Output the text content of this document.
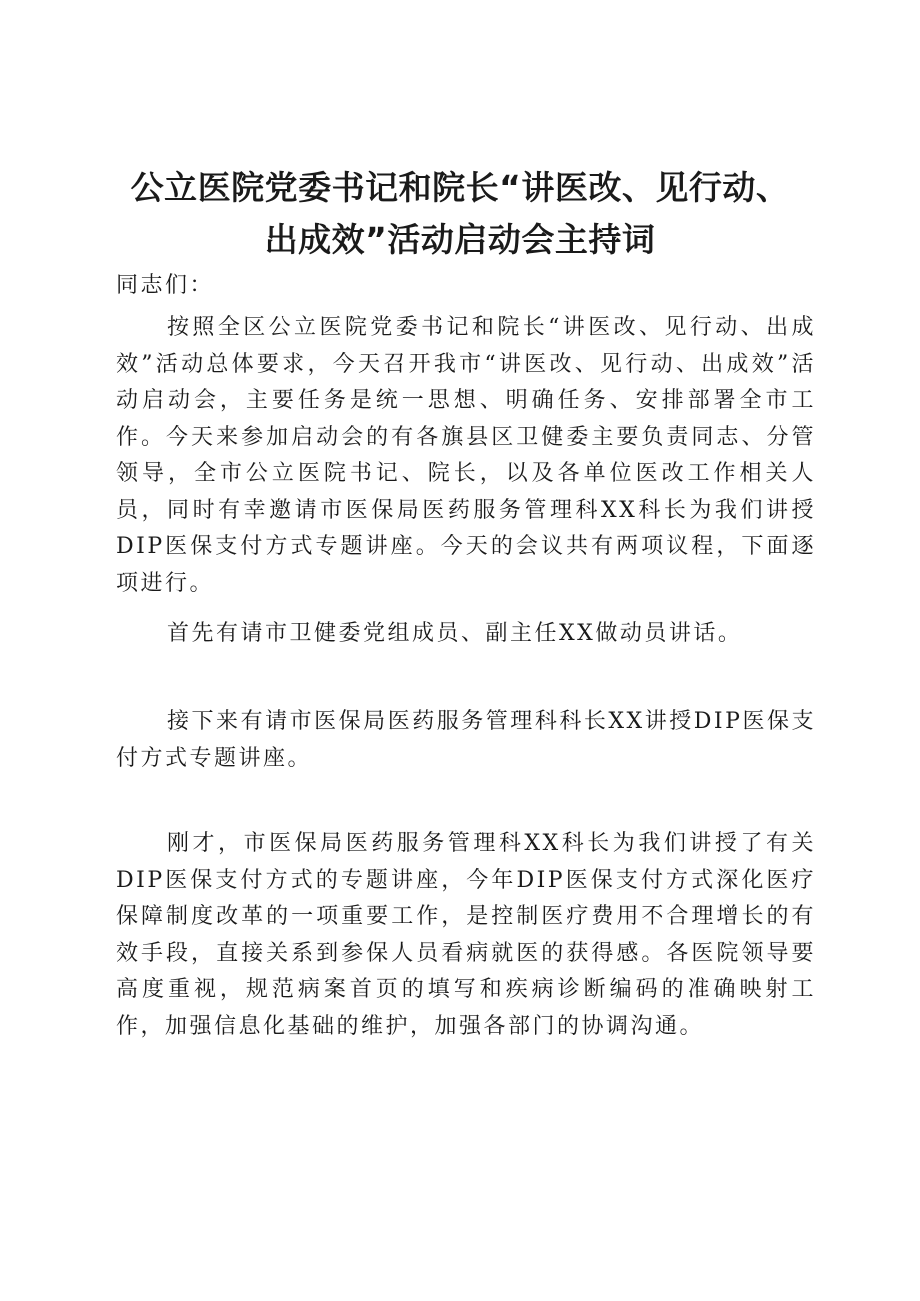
公立医院党委书记和院长“讲医改、见行动、
出成效”活动启动会主持词

同志们：

按照全区公立医院党委书记和院长“讲医改、见行动、出成效”活动总体要求，今天召开我市“讲医改、见行动、出成效”活动启动会，主要任务是统一思想、明确任务、安排部署全市工作。今天来参加启动会的有各旗县区卫健委主要负责同志、分管领导，全市公立医院书记、院长，以及各单位医改工作相关人员，同时有幸邀请市医保局医药服务管理科XX科长为我们讲授DIP医保支付方式专题讲座。今天的会议共有两项议程，下面逐项进行。

首先有请市卫健委党组成员、副主任XX做动员讲话。

接下来有请市医保局医药服务管理科科长XX讲授DIP医保支付方式专题讲座。

刚才，市医保局医药服务管理科XX科长为我们讲授了有关DIP医保支付方式的专题讲座，今年DIP医保支付方式深化医疗保障制度改革的一项重要工作，是控制医疗费用不合理增长的有效手段，直接关系到参保人员看病就医的获得感。各医院领导要高度重视，规范病案首页的填写和疾病诊断编码的准确映射工作，加强信息化基础的维护，加强各部门的协调沟通。
